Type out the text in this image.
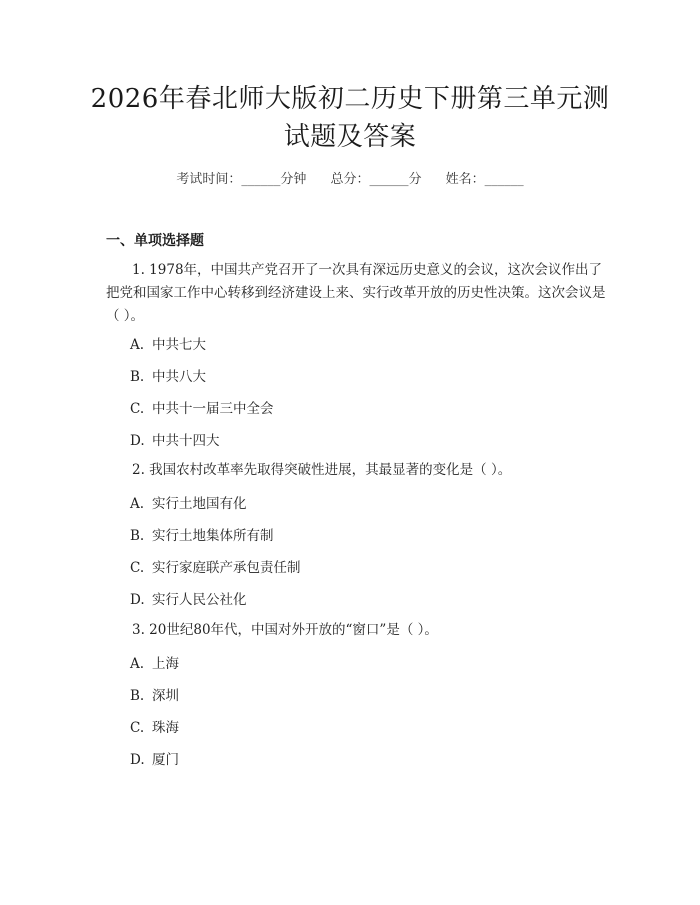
2026年春北师大版初二历史下册第三单元测
试题及答案
考试时间：______分钟 总分：______分 姓名：______
一、单项选择题
1. 1978年，中国共产党召开了一次具有深远历史意义的会议，这次会议作出了把党和国家工作中心转移到经济建设上来、实行改革开放的历史性决策。这次会议是（ ）。
A. 中共七大
B. 中共八大
C. 中共十一届三中全会
D. 中共十四大
2. 我国农村改革率先取得突破性进展，其最显著的变化是（ ）。
A. 实行土地国有化
B. 实行土地集体所有制
C. 实行家庭联产承包责任制
D. 实行人民公社化
3. 20世纪80年代，中国对外开放的“窗口”是（ ）。
A. 上海
B. 深圳
C. 珠海
D. 厦门
